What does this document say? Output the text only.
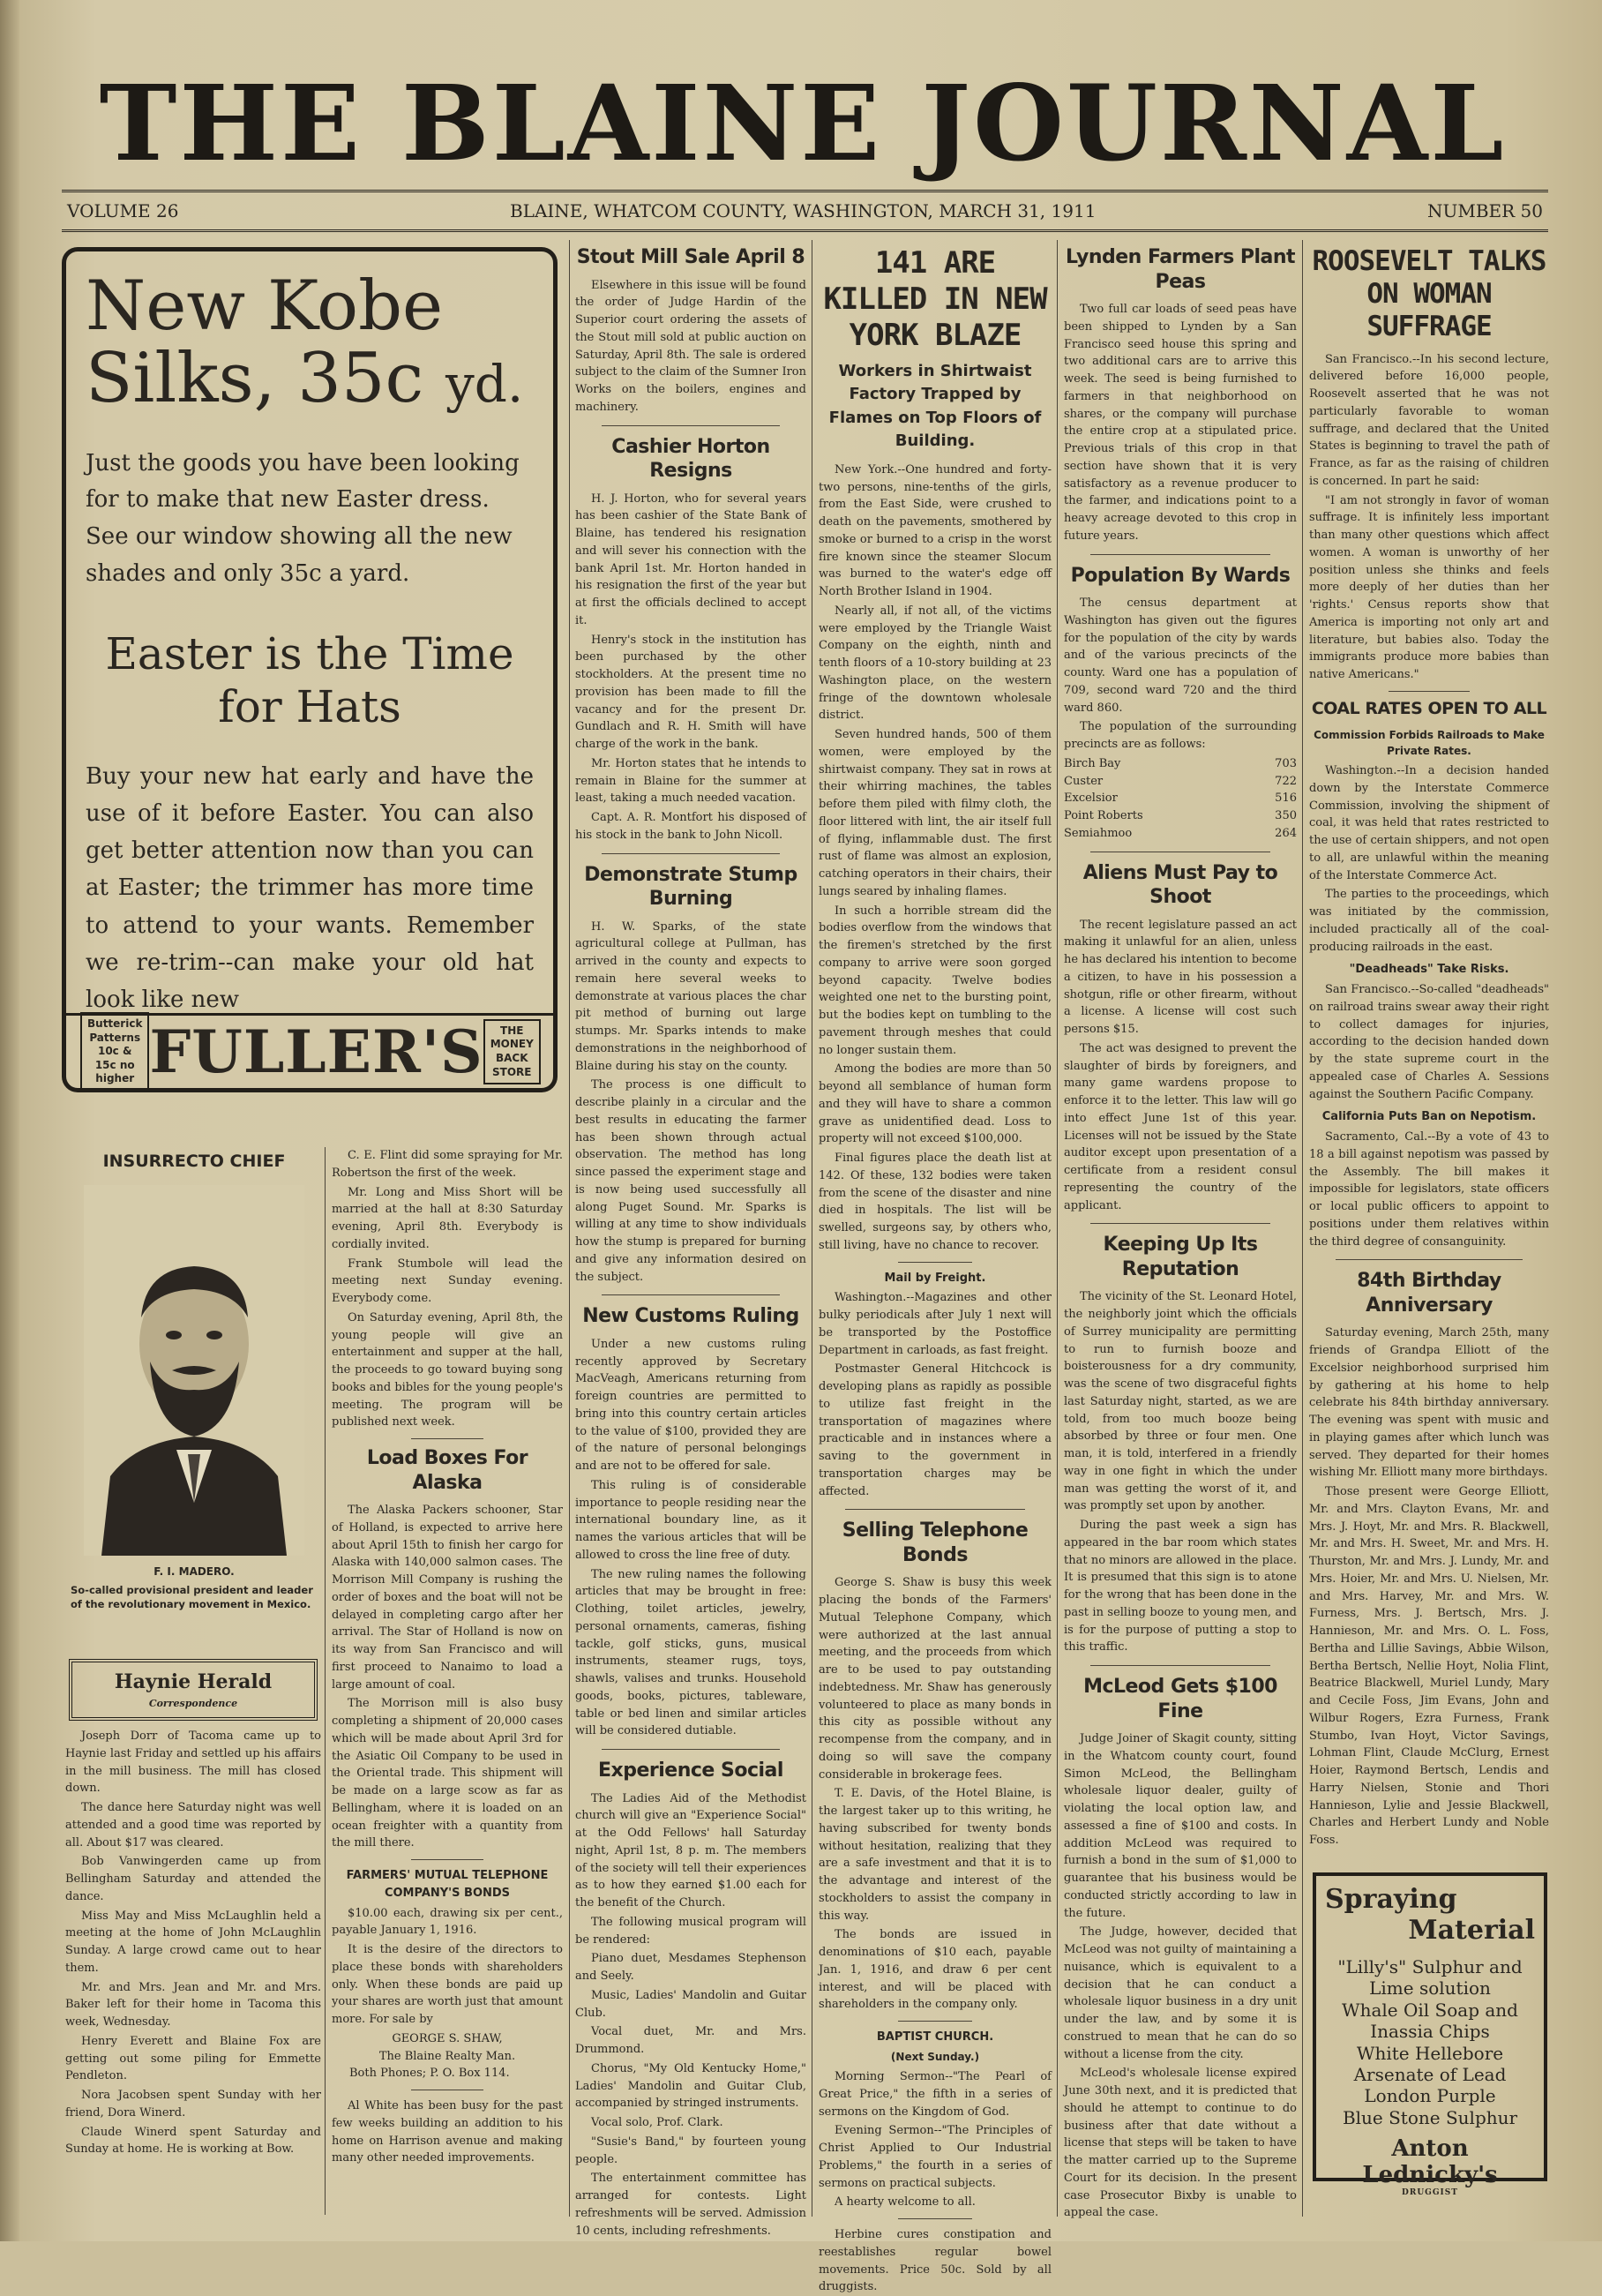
THE BLAINE JOURNAL
VOLUME 26	BLAINE, WHATCOM COUNTY, WASHINGTON, MARCH 31, 1911	NUMBER 50
New Kobe
Silks, 35c yd.
Just the goods you have been looking for to make that new Easter dress. See our window showing all the new shades and only 35c a yard.
Easter is the Time for Hats
Buy your new hat early and have the use of it before Easter. You can also get better attention now than you can at Easter; the trimmer has more time to attend to your wants. Remember we re-trim--can make your old hat look like new
Butterick Patterns 10c & 15c no higher FULLER'S	THE MONEY BACK STORE
INSURRECTO CHIEF
F. I. MADERO.
So-called provisional president and leader of the revolutionary movement in Mexico.
Haynie Herald
Correspondence

Joseph Dorr of Tacoma came up to Haynie last Friday and settled up his affairs in the mill business. The mill has closed down.

The dance here Saturday night was well attended and a good time was reported by all. About $17 was cleared.

Bob Vanwingerden came up from Bellingham Saturday and attended the dance.

Miss May and Miss McLaughlin held a meeting at the home of John McLaughlin Sunday. A large crowd came out to hear them.

Mr. and Mrs. Jean and Mr. and Mrs. Baker left for their home in Tacoma this week, Wednesday.

Henry Everett and Blaine Fox are getting out some piling for Emmette Pendleton.

Nora Jacobsen spent Sunday with her friend, Dora Winerd.

Claude Winerd spent Saturday and Sunday at home. He is working at Bow.

C. E. Flint did some spraying for Mr. Robertson the first of the week.

Mr. Long and Miss Short will be married at the hall at 8:30 Saturday evening, April 8th. Everybody is cordially invited.

Frank Stumbole will lead the meeting next Sunday evening. Everybody come.

On Saturday evening, April 8th, the young people will give an entertainment and supper at the hall, the proceeds to go toward buying song books and bibles for the young people's meeting. The program will be published next week.

Load Boxes For Alaska

The Alaska Packers schooner, Star of Holland, is expected to arrive here about April 15th to finish her cargo for Alaska with 140,000 salmon cases. The Morrison Mill Company is rushing the order of boxes and the boat will not be delayed in completing cargo after her arrival. The Star of Holland is now on its way from San Francisco and will first proceed to Nanaimo to load a large amount of coal.

The Morrison mill is also busy completing a shipment of 20,000 cases which will be made about April 3rd for the Asiatic Oil Company to be used in the Oriental trade. This shipment will be made on a large scow as far as Bellingham, where it is loaded on an ocean freighter with a quantity from the mill there.

FARMERS' MUTUAL TELEPHONE COMPANY'S BONDS

$10.00 each, drawing six per cent., payable January 1, 1916.

It is the desire of the directors to place these bonds with shareholders only. When these bonds are paid up your shares are worth just that amount more. For sale by

GEORGE S. SHAW,
The Blaine Realty Man.
Both Phones; P. O. Box 114.

Al White has been busy for the past few weeks building an addition to his home on Harrison avenue and making many other needed improvements.

Stout Mill Sale April 8

Elsewhere in this issue will be found the order of Judge Hardin of the Superior court ordering the assets of the Stout mill sold at public auction on Saturday, April 8th. The sale is ordered subject to the claim of the Sumner Iron Works on the boilers, engines and machinery.

Cashier Horton Resigns

H. J. Horton, who for several years has been cashier of the State Bank of Blaine, has tendered his resignation and will sever his connection with the bank April 1st. Mr. Horton handed in his resignation the first of the year but at first the officials declined to accept it.

Henry's stock in the institution has been purchased by the other stockholders. At the present time no provision has been made to fill the vacancy and for the present Dr. Gundlach and R. H. Smith will have charge of the work in the bank.

Mr. Horton states that he intends to remain in Blaine for the summer at least, taking a much needed vacation.

Capt. A. R. Montfort his disposed of his stock in the bank to John Nicoll.

Demonstrate Stump Burning

H. W. Sparks, of the state agricultural college at Pullman, has arrived in the county and expects to remain here several weeks to demonstrate at various places the char pit method of burning out large stumps. Mr. Sparks intends to make demonstrations in the neighborhood of Blaine during his stay on the county.

The process is one difficult to describe plainly in a circular and the best results in educating the farmer has been shown through actual observation. The method has long since passed the experiment stage and is now being used successfully all along Puget Sound. Mr. Sparks is willing at any time to show individuals how the stump is prepared for burning and give any information desired on the subject.

New Customs Ruling

Under a new customs ruling recently approved by Secretary MacVeagh, Americans returning from foreign countries are permitted to bring into this country certain articles to the value of $100, provided they are of the nature of personal belongings and are not to be offered for sale.

This ruling is of considerable importance to people residing near the international boundary line, as it names the various articles that will be allowed to cross the line free of duty.

The new ruling names the following articles that may be brought in free: Clothing, toilet articles, jewelry, personal ornaments, cameras, fishing tackle, golf sticks, guns, musical instruments, steamer rugs, toys, shawls, valises and trunks. Household goods, books, pictures, tableware, table or bed linen and similar articles will be considered dutiable.

Experience Social

The Ladies Aid of the Methodist church will give an "Experience Social" at the Odd Fellows' hall Saturday night, April 1st, 8 p. m. The members of the society will tell their experiences as to how they earned $1.00 each for the benefit of the Church.

The following musical program will be rendered:

Piano duet, Mesdames Stephenson and Seely.

Music, Ladies' Mandolin and Guitar Club.

Vocal duet, Mr. and Mrs. Drummond.

Chorus, "My Old Kentucky Home," Ladies' Mandolin and Guitar Club, accompanied by stringed instruments.

Vocal solo, Prof. Clark.

"Susie's Band," by fourteen young people.

The entertainment committee has arranged for contests. Light refreshments will be served. Admission 10 cents, including refreshments.

141 ARE KILLED IN NEW YORK BLAZE
Workers in Shirtwaist Factory Trapped by Flames on Top Floors of Building.

New York.--One hundred and forty-two persons, nine-tenths of the girls, from the East Side, were crushed to death on the pavements, smothered by smoke or burned to a crisp in the worst fire known since the steamer Slocum was burned to the water's edge off North Brother Island in 1904.

Nearly all, if not all, of the victims were employed by the Triangle Waist Company on the eighth, ninth and tenth floors of a 10-story building at 23 Washington place, on the western fringe of the downtown wholesale district.

Seven hundred hands, 500 of them women, were employed by the shirtwaist company. They sat in rows at their whirring machines, the tables before them piled with filmy cloth, the floor littered with lint, the air itself full of flying, inflammable dust. The first rust of flame was almost an explosion, catching operators in their chairs, their lungs seared by inhaling flames.

In such a horrible stream did the bodies overflow from the windows that the firemen's stretched by the first company to arrive were soon gorged beyond capacity. Twelve bodies weighted one net to the bursting point, but the bodies kept on tumbling to the pavement through meshes that could no longer sustain them.

Among the bodies are more than 50 beyond all semblance of human form and they will have to share a common grave as unidentified dead. Loss to property will not exceed $100,000.

Final figures place the death list at 142. Of these, 132 bodies were taken from the scene of the disaster and nine died in hospitals. The list will be swelled, surgeons say, by others who, still living, have no chance to recover.

Mail by Freight.

Washington.--Magazines and other bulky periodicals after July 1 next will be transported by the Postoffice Department in carloads, as fast freight.

Postmaster General Hitchcock is developing plans as rapidly as possible to utilize fast freight in the transportation of magazines where practicable and in instances where a saving to the government in transportation charges may be affected.

Selling Telephone Bonds

George S. Shaw is busy this week placing the bonds of the Farmers' Mutual Telephone Company, which were authorized at the last annual meeting, and the proceeds from which are to be used to pay outstanding indebtedness. Mr. Shaw has generously volunteered to place as many bonds in this city as possible without any recompense from the company, and in doing so will save the company considerable in brokerage fees.

T. E. Davis, of the Hotel Blaine, is the largest taker up to this writing, he having subscribed for twenty bonds without hesitation, realizing that they are a safe investment and that it is to the advantage and interest of the stockholders to assist the company in this way.

The bonds are issued in denominations of $10 each, payable Jan. 1, 1916, and draw 6 per cent interest, and will be placed with shareholders in the company only.

BAPTIST CHURCH.
(Next Sunday.)

Morning Sermon--"The Pearl of Great Price," the fifth in a series of sermons on the Kingdom of God.

Evening Sermon--"The Principles of Christ Applied to Our Industrial Problems," the fourth in a series of sermons on practical subjects.

A hearty welcome to all.

Herbine cures constipation and reestablishes regular bowel movements. Price 50c. Sold by all druggists.

Lynden Farmers Plant Peas

Two full car loads of seed peas have been shipped to Lynden by a San Francisco seed house this spring and two additional cars are to arrive this week. The seed is being furnished to farmers in that neighborhood on shares, or the company will purchase the entire crop at a stipulated price. Previous trials of this crop in that section have shown that it is very satisfactory as a revenue producer to the farmer, and indications point to a heavy acreage devoted to this crop in future years.

Population By Wards

The census department at Washington has given out the figures for the population of the city by wards and of the various precincts of the county. Ward one has a population of 709, second ward 720 and the third ward 860.

The population of the surrounding precincts are as follows:

Birch Bay	703
Custer	722
Excelsior	516
Point Roberts	350
Semiahmoo	264
Aliens Must Pay to Shoot

The recent legislature passed an act making it unlawful for an alien, unless he has declared his intention to become a citizen, to have in his possession a shotgun, rifle or other firearm, without a license. A license will cost such persons $15.

The act was designed to prevent the slaughter of birds by foreigners, and many game wardens propose to enforce it to the letter. This law will go into effect June 1st of this year. Licenses will not be issued by the State auditor except upon presentation of a certificate from a resident consul representing the country of the applicant.

Keeping Up Its Reputation

The vicinity of the St. Leonard Hotel, the neighborly joint which the officials of Surrey municipality are permitting to run to furnish booze and boisterousness for a dry community, was the scene of two disgraceful fights last Saturday night, started, as we are told, from too much booze being absorbed by three or four men. One man, it is told, interfered in a friendly way in one fight in which the under man was getting the worst of it, and was promptly set upon by another.

During the past week a sign has appeared in the bar room which states that no minors are allowed in the place. It is presumed that this sign is to atone for the wrong that has been done in the past in selling booze to young men, and is for the purpose of putting a stop to this traffic.

McLeod Gets $100 Fine

Judge Joiner of Skagit county, sitting in the Whatcom county court, found Simon McLeod, the Bellingham wholesale liquor dealer, guilty of violating the local option law, and assessed a fine of $100 and costs. In addition McLeod was required to furnish a bond in the sum of $1,000 to guarantee that his business would be conducted strictly according to law in the future.

The Judge, however, decided that McLeod was not guilty of maintaining a nuisance, which is equivalent to a decision that he can conduct a wholesale liquor business in a dry unit under the law, and by some it is construed to mean that he can do so without a license from the city.

McLeod's wholesale license expired June 30th next, and it is predicted that should he attempt to continue to do business after that date without a license that steps will be taken to have the matter carried up to the Supreme Court for its decision. In the present case Prosecutor Bixby is unable to appeal the case.

ROOSEVELT TALKS ON WOMAN SUFFRAGE

San Francisco.--In his second lecture, delivered before 16,000 people, Roosevelt asserted that he was not particularly favorable to woman suffrage, and declared that the United States is beginning to travel the path of France, as far as the raising of children is concerned. In part he said:

"I am not strongly in favor of woman suffrage. It is infinitely less important than many other questions which affect women. A woman is unworthy of her position unless she thinks and feels more deeply of her duties than her 'rights.' Census reports show that America is importing not only art and literature, but babies also. Today the immigrants produce more babies than native Americans."

COAL RATES OPEN TO ALL
Commission Forbids Railroads to Make Private Rates.

Washington.--In a decision handed down by the Interstate Commerce Commission, involving the shipment of coal, it was held that rates restricted to the use of certain shippers, and not open to all, are unlawful within the meaning of the Interstate Commerce Act.

The parties to the proceedings, which was initiated by the commission, included practically all of the coal-producing railroads in the east.

"Deadheads" Take Risks.

San Francisco.--So-called "deadheads" on railroad trains swear away their right to collect damages for injuries, according to the decision handed down by the state supreme court in the appealed case of Charles A. Sessions against the Southern Pacific Company.

California Puts Ban on Nepotism.

Sacramento, Cal.--By a vote of 43 to 18 a bill against nepotism was passed by the Assembly. The bill makes it impossible for legislators, state officers or local public officers to appoint to positions under them relatives within the third degree of consanguinity.

84th Birthday Anniversary

Saturday evening, March 25th, many friends of Grandpa Elliott of the Excelsior neighborhood surprised him by gathering at his home to help celebrate his 84th birthday anniversary. The evening was spent with music and in playing games after which lunch was served. They departed for their homes wishing Mr. Elliott many more birthdays.

Those present were George Elliott, Mr. and Mrs. Clayton Evans, Mr. and Mrs. J. Hoyt, Mr. and Mrs. R. Blackwell, Mr. and Mrs. H. Sweet, Mr. and Mrs. H. Thurston, Mr. and Mrs. J. Lundy, Mr. and Mrs. Hoier, Mr. and Mrs. U. Nielsen, Mr. and Mrs. Harvey, Mr. and Mrs. W. Furness, Mrs. J. Bertsch, Mrs. J. Hannieson, Mr. and Mrs. O. L. Foss, Bertha and Lillie Savings, Abbie Wilson, Bertha Bertsch, Nellie Hoyt, Nolia Flint, Beatrice Blackwell, Muriel Lundy, Mary and Cecile Foss, Jim Evans, John and Wilbur Rogers, Ezra Furness, Frank Stumbo, Ivan Hoyt, Victor Savings, Lohman Flint, Claude McClurg, Ernest Hoier, Raymond Bertsch, Lendis and Harry Nielsen, Stonie and Thori Hannieson, Lylie and Jessie Blackwell, Charles and Herbert Lundy and Noble Foss.

Spraying
Material
"Lilly's" Sulphur and
Lime solution
Whale Oil Soap and
Inassia Chips
White Hellebore
Arsenate of Lead
London Purple
Blue Stone Sulphur
Anton Lednicky's
DRUGGIST
